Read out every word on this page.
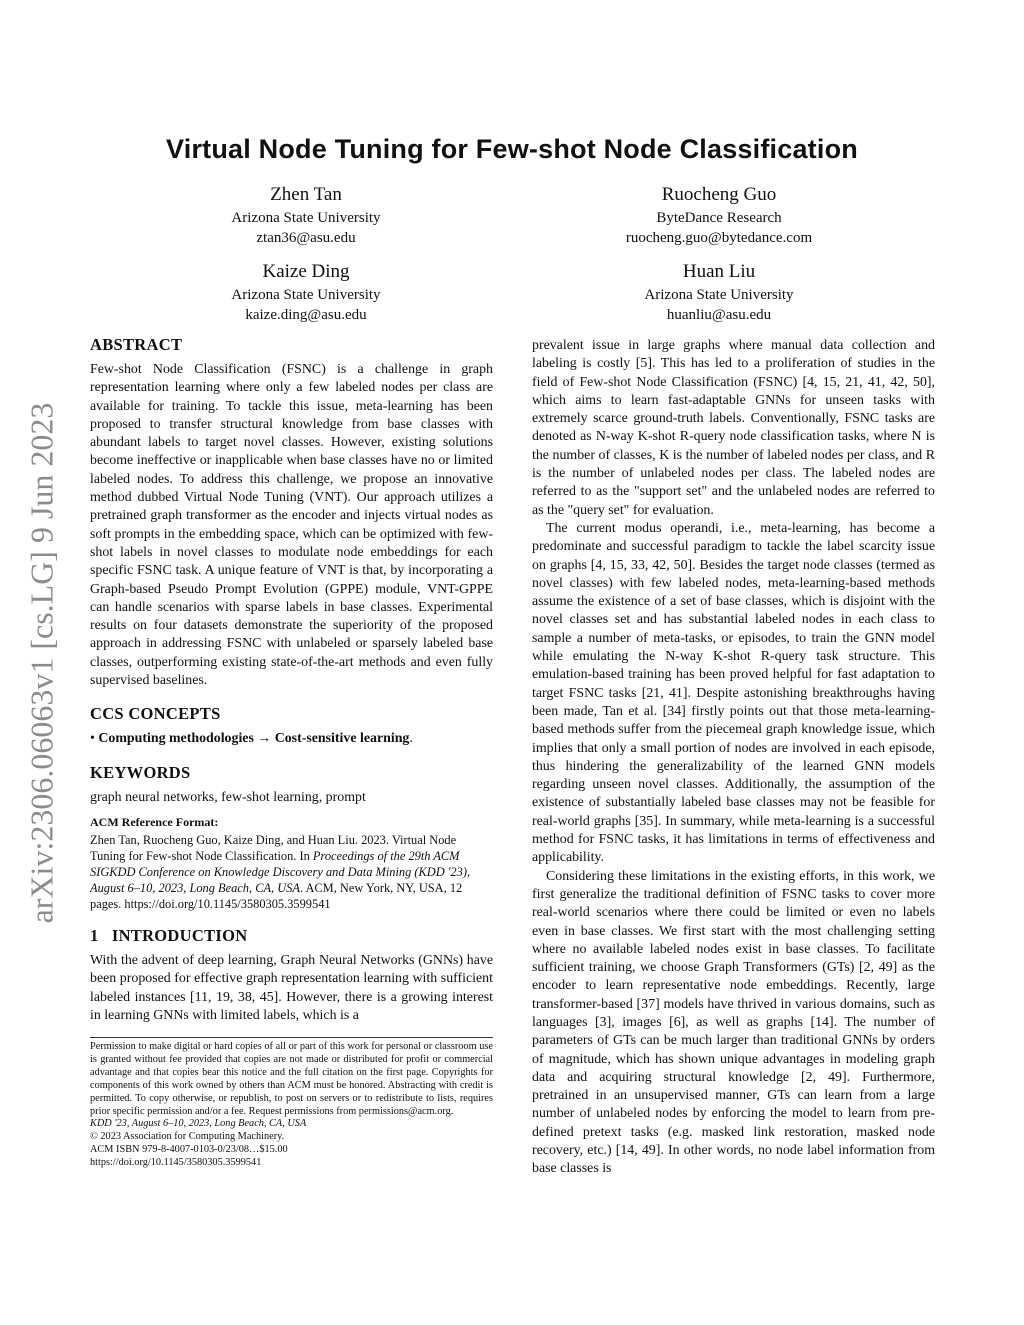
arXiv:2306.06063v1 [cs.LG] 9 Jun 2023
Virtual Node Tuning for Few-shot Node Classification
Zhen Tan
Arizona State University
ztan36@asu.edu
Ruocheng Guo
ByteDance Research
ruocheng.guo@bytedance.com
Kaize Ding
Arizona State University
kaize.ding@asu.edu
Huan Liu
Arizona State University
huanliu@asu.edu
ABSTRACT

Few-shot Node Classification (FSNC) is a challenge in graph representation learning where only a few labeled nodes per class are available for training. To tackle this issue, meta-learning has been proposed to transfer structural knowledge from base classes with abundant labels to target novel classes. However, existing solutions become ineffective or inapplicable when base classes have no or limited labeled nodes. To address this challenge, we propose an innovative method dubbed Virtual Node Tuning (VNT). Our approach utilizes a pretrained graph transformer as the encoder and injects virtual nodes as soft prompts in the embedding space, which can be optimized with few-shot labels in novel classes to modulate node embeddings for each specific FSNC task. A unique feature of VNT is that, by incorporating a Graph-based Pseudo Prompt Evolution (GPPE) module, VNT-GPPE can handle scenarios with sparse labels in base classes. Experimental results on four datasets demonstrate the superiority of the proposed approach in addressing FSNC with unlabeled or sparsely labeled base classes, outperforming existing state-of-the-art methods and even fully supervised baselines.

CCS CONCEPTS

• Computing methodologies → Cost-sensitive learning.

KEYWORDS

graph neural networks, few-shot learning, prompt

ACM Reference Format:

Zhen Tan, Ruocheng Guo, Kaize Ding, and Huan Liu. 2023. Virtual Node Tuning for Few-shot Node Classification. In Proceedings of the 29th ACM SIGKDD Conference on Knowledge Discovery and Data Mining (KDD '23), August 6–10, 2023, Long Beach, CA, USA. ACM, New York, NY, USA, 12 pages. https://doi.org/10.1145/3580305.3599541

1 INTRODUCTION

With the advent of deep learning, Graph Neural Networks (GNNs) have been proposed for effective graph representation learning with sufficient labeled instances [11, 19, 38, 45]. However, there is a growing interest in learning GNNs with limited labels, which is a

Permission to make digital or hard copies of all or part of this work for personal or classroom use is granted without fee provided that copies are not made or distributed for profit or commercial advantage and that copies bear this notice and the full citation on the first page. Copyrights for components of this work owned by others than ACM must be honored. Abstracting with credit is permitted. To copy otherwise, or republish, to post on servers or to redistribute to lists, requires prior specific permission and/or a fee. Request permissions from permissions@acm.org.

KDD '23, August 6–10, 2023, Long Beach, CA, USA

© 2023 Association for Computing Machinery.

ACM ISBN 979-8-4007-0103-0/23/08…$15.00

https://doi.org/10.1145/3580305.3599541

prevalent issue in large graphs where manual data collection and labeling is costly [5]. This has led to a proliferation of studies in the field of Few-shot Node Classification (FSNC) [4, 15, 21, 41, 42, 50], which aims to learn fast-adaptable GNNs for unseen tasks with extremely scarce ground-truth labels. Conventionally, FSNC tasks are denoted as N-way K-shot R-query node classification tasks, where N is the number of classes, K is the number of labeled nodes per class, and R is the number of unlabeled nodes per class. The labeled nodes are referred to as the "support set" and the unlabeled nodes are referred to as the "query set" for evaluation.

The current modus operandi, i.e., meta-learning, has become a predominate and successful paradigm to tackle the label scarcity issue on graphs [4, 15, 33, 42, 50]. Besides the target node classes (termed as novel classes) with few labeled nodes, meta-learning-based methods assume the existence of a set of base classes, which is disjoint with the novel classes set and has substantial labeled nodes in each class to sample a number of meta-tasks, or episodes, to train the GNN model while emulating the N-way K-shot R-query task structure. This emulation-based training has been proved helpful for fast adaptation to target FSNC tasks [21, 41]. Despite astonishing breakthroughs having been made, Tan et al. [34] firstly points out that those meta-learning-based methods suffer from the piecemeal graph knowledge issue, which implies that only a small portion of nodes are involved in each episode, thus hindering the generalizability of the learned GNN models regarding unseen novel classes. Additionally, the assumption of the existence of substantially labeled base classes may not be feasible for real-world graphs [35]. In summary, while meta-learning is a successful method for FSNC tasks, it has limitations in terms of effectiveness and applicability.

Considering these limitations in the existing efforts, in this work, we first generalize the traditional definition of FSNC tasks to cover more real-world scenarios where there could be limited or even no labels even in base classes. We first start with the most challenging setting where no available labeled nodes exist in base classes. To facilitate sufficient training, we choose Graph Transformers (GTs) [2, 49] as the encoder to learn representative node embeddings. Recently, large transformer-based [37] models have thrived in various domains, such as languages [3], images [6], as well as graphs [14]. The number of parameters of GTs can be much larger than traditional GNNs by orders of magnitude, which has shown unique advantages in modeling graph data and acquiring structural knowledge [2, 49]. Furthermore, pretrained in an unsupervised manner, GTs can learn from a large number of unlabeled nodes by enforcing the model to learn from pre-defined pretext tasks (e.g. masked link restoration, masked node recovery, etc.) [14, 49]. In other words, no node label information from base classes is
